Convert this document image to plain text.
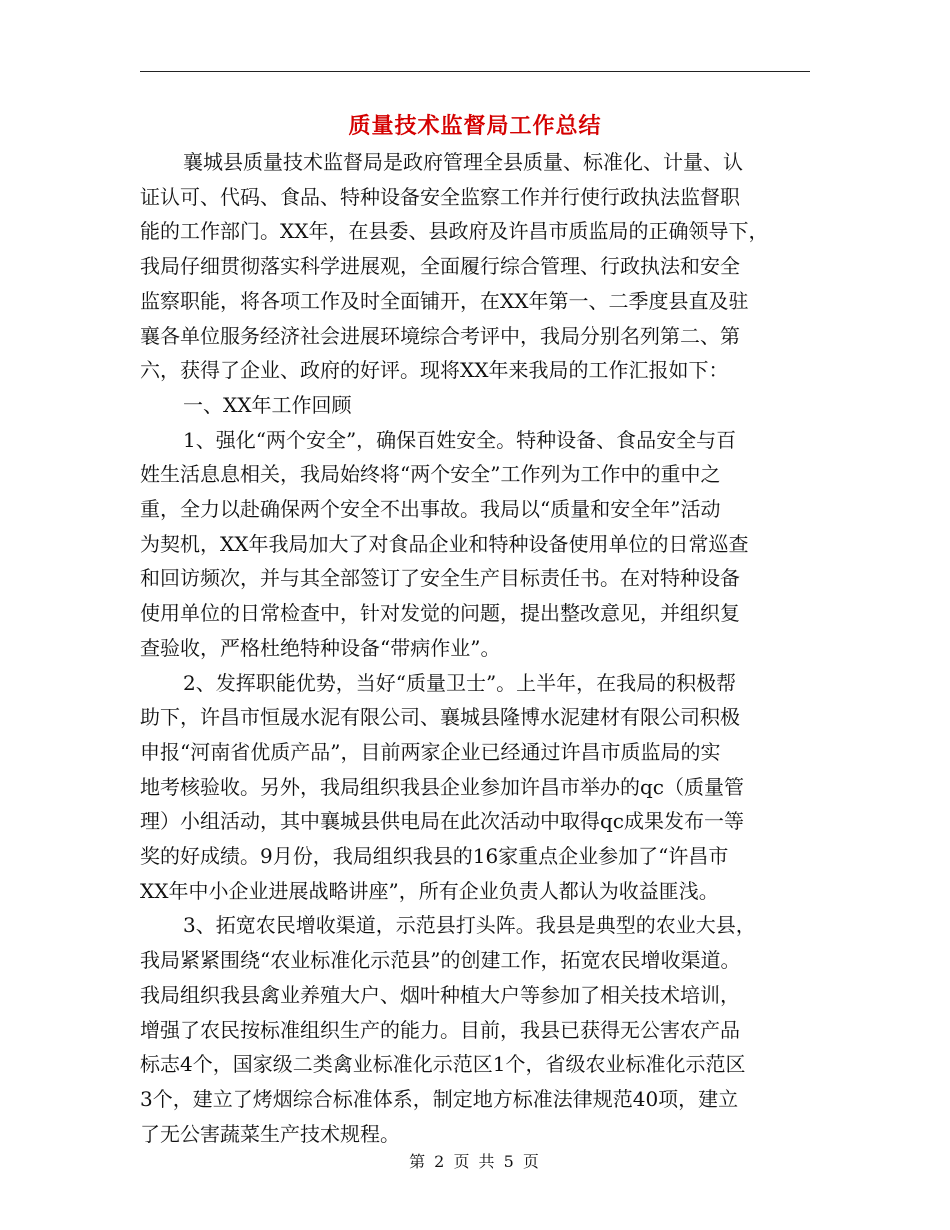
质量技术监督局工作总结
襄城县质量技术监督局是政府管理全县质量、标准化、计量、认
证认可、代码、食品、特种设备安全监察工作并行使行政执法监督职
能的工作部门。XX年，在县委、县政府及许昌市质监局的正确领导下，
我局仔细贯彻落实科学进展观，全面履行综合管理、行政执法和安全
监察职能，将各项工作及时全面铺开，在XX年第一、二季度县直及驻
襄各单位服务经济社会进展环境综合考评中，我局分别名列第二、第
六，获得了企业、政府的好评。现将XX年来我局的工作汇报如下：
一、XX年工作回顾
1、强化“两个安全”，确保百姓安全。特种设备、食品安全与百
姓生活息息相关，我局始终将“两个安全”工作列为工作中的重中之
重，全力以赴确保两个安全不出事故。我局以“质量和安全年”活动
为契机，XX年我局加大了对食品企业和特种设备使用单位的日常巡查
和回访频次，并与其全部签订了安全生产目标责任书。在对特种设备
使用单位的日常检查中，针对发觉的问题，提出整改意见，并组织复
查验收，严格杜绝特种设备“带病作业”。
2、发挥职能优势，当好“质量卫士”。上半年，在我局的积极帮
助下，许昌市恒晟水泥有限公司、襄城县隆博水泥建材有限公司积极
申报“河南省优质产品”，目前两家企业已经通过许昌市质监局的实
地考核验收。另外，我局组织我县企业参加许昌市举办的qc（质量管
理）小组活动，其中襄城县供电局在此次活动中取得qc成果发布一等
奖的好成绩。9月份，我局组织我县的16家重点企业参加了“许昌市
XX年中小企业进展战略讲座”，所有企业负责人都认为收益匪浅。
3、拓宽农民增收渠道，示范县打头阵。我县是典型的农业大县，
我局紧紧围绕“农业标准化示范县”的创建工作，拓宽农民增收渠道。
我局组织我县禽业养殖大户、烟叶种植大户等参加了相关技术培训，
增强了农民按标准组织生产的能力。目前，我县已获得无公害农产品
标志4个，国家级二类禽业标准化示范区1个，省级农业标准化示范区
3个，建立了烤烟综合标准体系，制定地方标准法律规范40项，建立
了无公害蔬菜生产技术规程。
第 2 页 共 5 页
